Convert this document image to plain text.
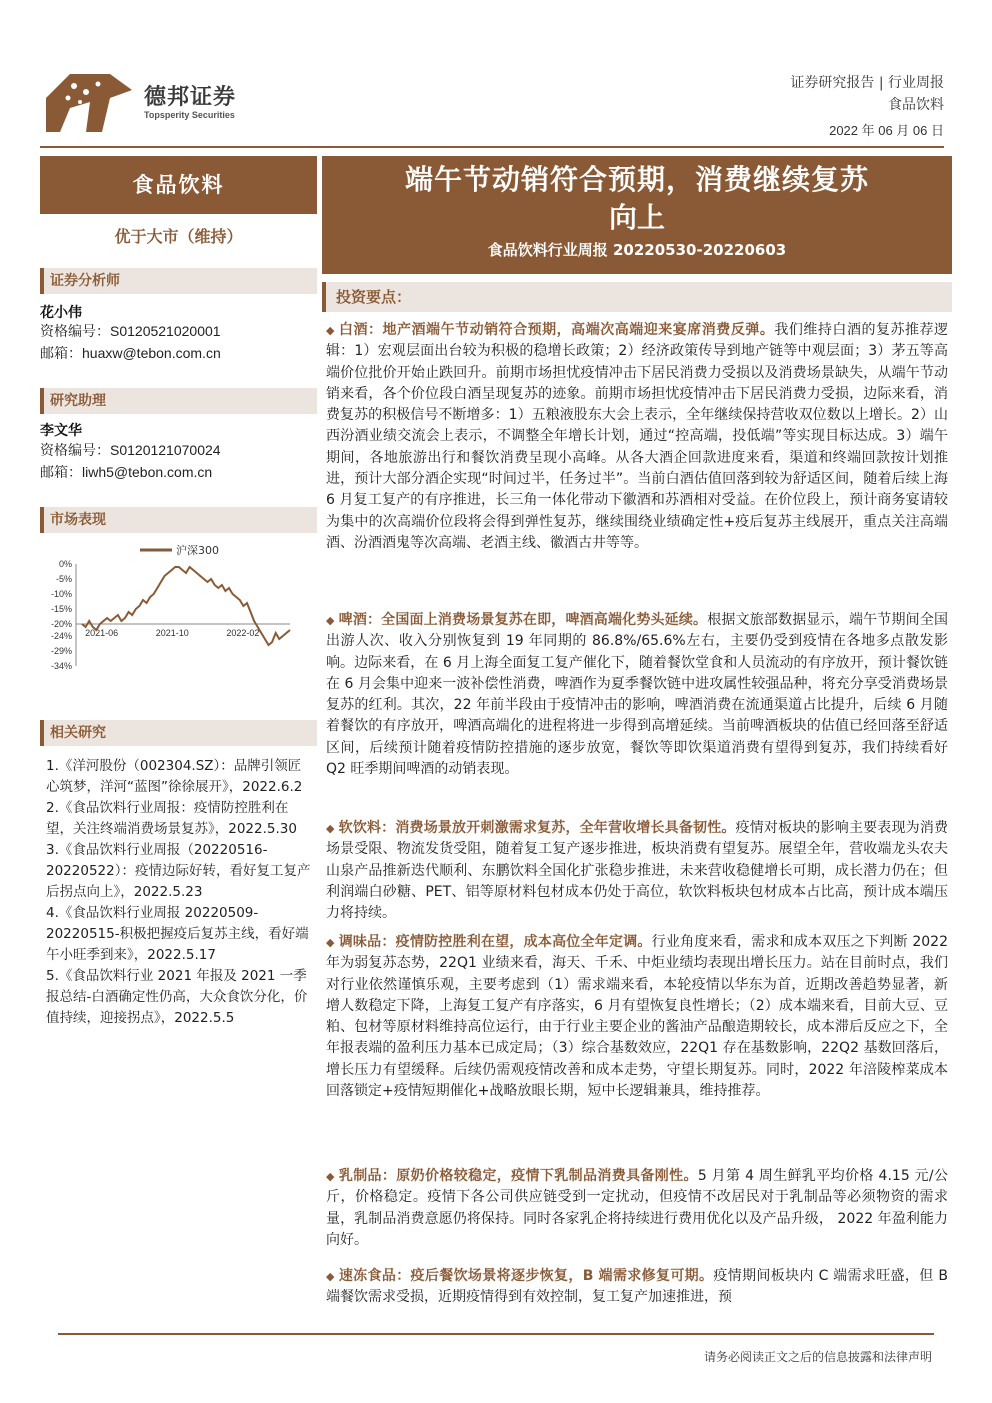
德邦证券
Topsperity Securities
证券研究报告 | 行业周报
食品饮料
2022 年 06 月 06 日
食品饮料
优于大市（维持）
证券分析师
花小伟
资格编号：S0120521020001
邮箱：huaxw@tebon.com.cn
研究助理
李文华
资格编号：S0120121070024
邮箱：liwh5@tebon.com.cn
市场表现
0%
-5%
-10%
-15%
-20%
-24%
-29%
-34%
2021-06	2021-10	2022-02
沪深300
相关研究
1.《洋河股份（002304.SZ）：品牌引领匠心筑梦，洋河“蓝图”徐徐展开》，2022.6.2
2.《食品饮料行业周报：疫情防控胜利在望，关注终端消费场景复苏》，2022.5.30
3.《食品饮料行业周报（20220516-20220522）：疫情边际好转，看好复工复产后拐点向上》，2022.5.23
4.《食品饮料行业周报 20220509-20220515-积极把握疫后复苏主线，看好端午小旺季到来》，2022.5.17
5.《食品饮料行业 2021 年报及 2021 一季报总结-白酒确定性仍高，大众食饮分化，价值持续，迎接拐点》，2022.5.5
端午节动销符合预期，消费继续复苏
向上
食品饮料行业周报 20220530-20220603
投资要点：
◆ 白酒：地产酒端午节动销符合预期，高端次高端迎来宴席消费反弹。我们维持白酒的复苏推荐逻辑：1）宏观层面出台较为积极的稳增长政策；2）经济政策传导到地产链等中观层面；3）茅五等高端价位批价开始止跌回升。前期市场担忧疫情冲击下居民消费力受损以及消费场景缺失，从端午节动销来看，各个价位段白酒呈现复苏的迹象。前期市场担忧疫情冲击下居民消费力受损，边际来看，消费复苏的积极信号不断增多：1）五粮液股东大会上表示，全年继续保持营收双位数以上增长。2）山西汾酒业绩交流会上表示，不调整全年增长计划，通过“控高端，投低端”等实现目标达成。3）端午期间，各地旅游出行和餐饮消费呈现小高峰。从各大酒企回款进度来看，渠道和终端回款按计划推进，预计大部分酒企实现“时间过半，任务过半”。当前白酒估值回落到较为舒适区间，随着后续上海 6 月复工复产的有序推进，长三角一体化带动下徽酒和苏酒相对受益。在价位段上，预计商务宴请较为集中的次高端价位段将会得到弹性复苏，继续围绕业绩确定性+疫后复苏主线展开，重点关注高端酒、汾酒酒鬼等次高端、老酒主线、徽酒古井等等。
◆ 啤酒：全国面上消费场景复苏在即，啤酒高端化势头延续。根据文旅部数据显示，端午节期间全国出游人次、收入分别恢复到 19 年同期的 86.8%/65.6%左右，主要仍受到疫情在各地多点散发影响。边际来看，在 6 月上海全面复工复产催化下，随着餐饮堂食和人员流动的有序放开，预计餐饮链在 6 月会集中迎来一波补偿性消费，啤酒作为夏季餐饮链中进攻属性较强品种，将充分享受消费场景复苏的红利。其次，22 年前半段由于疫情冲击的影响，啤酒消费在流通渠道占比提升，后续 6 月随着餐饮的有序放开，啤酒高端化的进程将进一步得到高增延续。当前啤酒板块的估值已经回落至舒适区间，后续预计随着疫情防控措施的逐步放宽，餐饮等即饮渠道消费有望得到复苏，我们持续看好 Q2 旺季期间啤酒的动销表现。
◆ 软饮料：消费场景放开刺激需求复苏，全年营收增长具备韧性。疫情对板块的影响主要表现为消费场景受限、物流发货受阻，随着复工复产逐步推进，板块消费有望复苏。展望全年，营收端龙头农夫山泉产品推新迭代顺利、东鹏饮料全国化扩张稳步推进，未来营收稳健增长可期，成长潜力仍在；但利润端白砂糖、PET、铝等原材料包材成本仍处于高位，软饮料板块包材成本占比高，预计成本端压力将持续。
◆ 调味品：疫情防控胜利在望，成本高位全年定调。行业角度来看，需求和成本双压之下判断 2022 年为弱复苏态势，22Q1 业绩来看，海天、千禾、中炬业绩均表现出增长压力。站在目前时点，我们对行业依然谨慎乐观，主要考虑到（1）需求端来看，本轮疫情以华东为首，近期改善趋势显著，新增人数稳定下降，上海复工复产有序落实，6 月有望恢复良性增长；（2）成本端来看，目前大豆、豆粕、包材等原材料维持高位运行，由于行业主要企业的酱油产品酿造期较长，成本滞后反应之下，全年报表端的盈利压力基本已成定局；（3）综合基数效应，22Q1 存在基数影响，22Q2 基数回落后，增长压力有望缓释。后续仍需观疫情改善和成本走势，守望长期复苏。同时，2022 年涪陵榨菜成本回落锁定+疫情短期催化+战略放眼长期，短中长逻辑兼具，维持推荐。
◆ 乳制品：原奶价格较稳定，疫情下乳制品消费具备刚性。5 月第 4 周生鲜乳平均价格 4.15 元/公斤，价格稳定。疫情下各公司供应链受到一定扰动，但疫情不改居民对于乳制品等必须物资的需求量，乳制品消费意愿仍将保持。同时各家乳企将持续进行费用优化以及产品升级， 2022 年盈利能力向好。
◆ 速冻食品：疫后餐饮场景将逐步恢复，B 端需求修复可期。疫情期间板块内 C 端需求旺盛，但 B 端餐饮需求受损，近期疫情得到有效控制，复工复产加速推进，预
请务必阅读正文之后的信息披露和法律声明
